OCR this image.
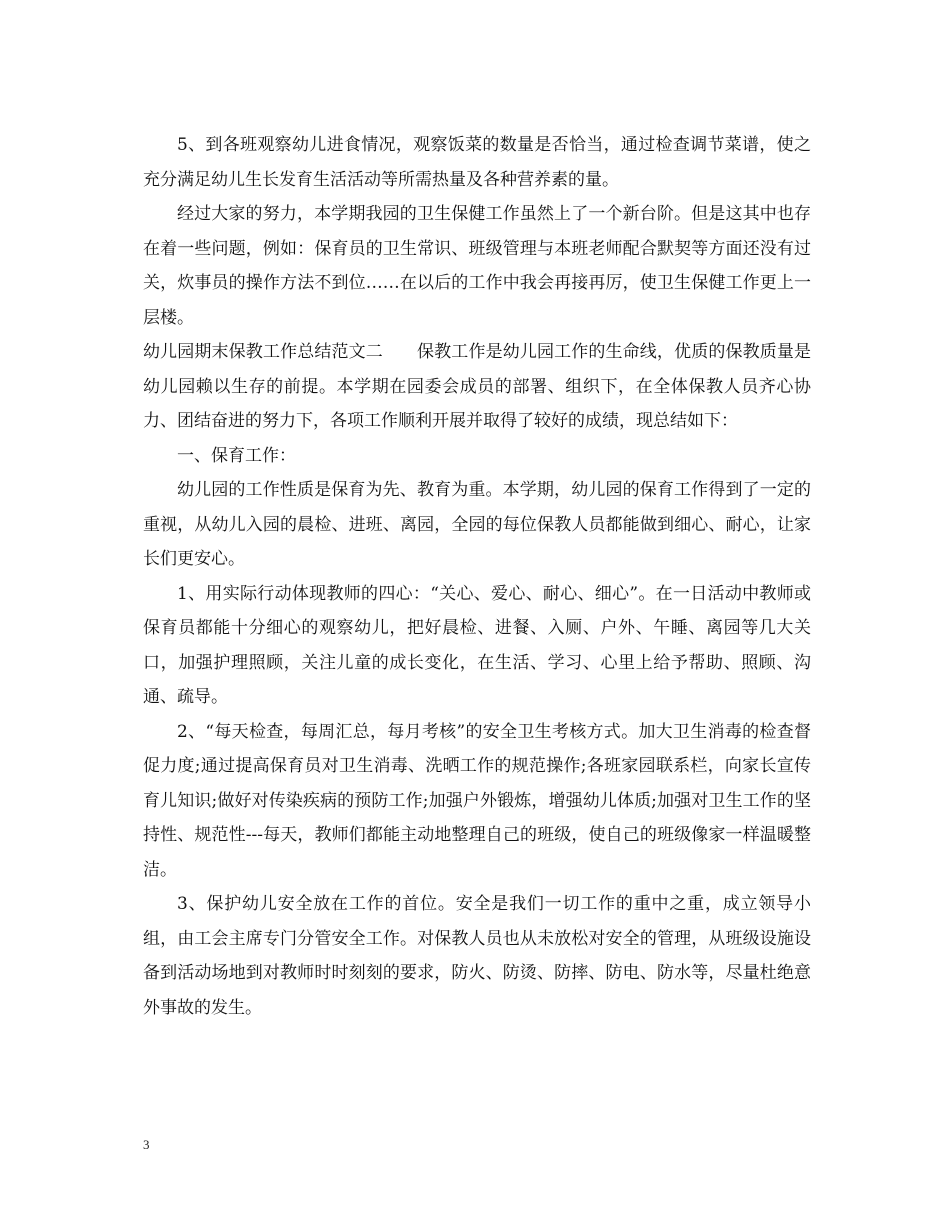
5、到各班观察幼儿进食情况，观察饭菜的数量是否恰当，通过检查调节菜谱，使之充分满足幼儿生长发育生活活动等所需热量及各种营养素的量。

经过大家的努力，本学期我园的卫生保健工作虽然上了一个新台阶。但是这其中也存在着一些问题，例如：保育员的卫生常识、班级管理与本班老师配合默契等方面还没有过关，炊事员的操作方法不到位……在以后的工作中我会再接再厉，使卫生保健工作更上一层楼。

幼儿园期末保教工作总结范文二   保教工作是幼儿园工作的生命线，优质的保教质量是幼儿园赖以生存的前提。本学期在园委会成员的部署、组织下，在全体保教人员齐心协力、团结奋进的努力下，各项工作顺利开展并取得了较好的成绩，现总结如下：

一、保育工作：

幼儿园的工作性质是保育为先、教育为重。本学期，幼儿园的保育工作得到了一定的重视，从幼儿入园的晨检、进班、离园，全园的每位保教人员都能做到细心、耐心，让家长们更安心。

1、用实际行动体现教师的四心：“关心、爱心、耐心、细心”。在一日活动中教师或保育员都能十分细心的观察幼儿，把好晨检、进餐、入厕、户外、午睡、离园等几大关口，加强护理照顾，关注儿童的成长变化，在生活、学习、心里上给予帮助、照顾、沟通、疏导。

2、“每天检查，每周汇总，每月考核”的安全卫生考核方式。加大卫生消毒的检查督促力度;通过提高保育员对卫生消毒、洗晒工作的规范操作;各班家园联系栏，向家长宣传育儿知识;做好对传染疾病的预防工作;加强户外锻炼，增强幼儿体质;加强对卫生工作的坚持性、规范性---每天，教师们都能主动地整理自己的班级，使自己的班级像家一样温暖整洁。

3、保护幼儿安全放在工作的首位。安全是我们一切工作的重中之重，成立领导小组，由工会主席专门分管安全工作。对保教人员也从未放松对安全的管理，从班级设施设备到活动场地到对教师时时刻刻的要求，防火、防烫、防摔、防电、防水等，尽量杜绝意外事故的发生。

3
